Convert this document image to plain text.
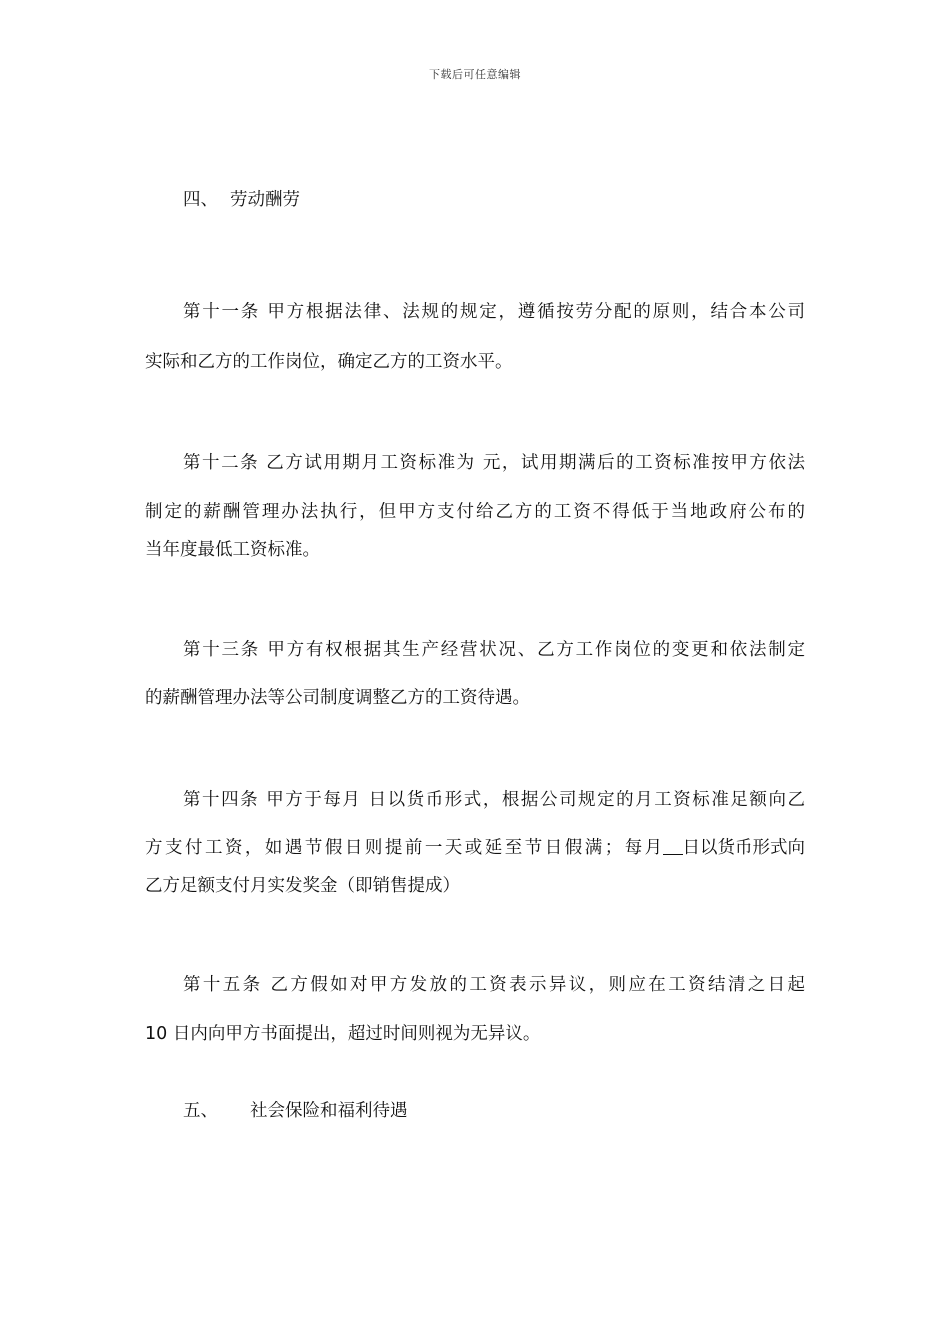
下载后可任意编辑
四、 劳动酬劳
第十一条 甲方根据法律、法规的规定，遵循按劳分配的原则，结合本公司
实际和乙方的工作岗位，确定乙方的工资水平。
第十二条 乙方试用期月工资标准为 元，试用期满后的工资标准按甲方依法
制定的薪酬管理办法执行，但甲方支付给乙方的工资不得低于当地政府公布的
当年度最低工资标准。
第十三条 甲方有权根据其生产经营状况、乙方工作岗位的变更和依法制定
的薪酬管理办法等公司制度调整乙方的工资待遇。
第十四条 甲方于每月 日以货币形式，根据公司规定的月工资标准足额向乙
方支付工资，如遇节假日则提前一天或延至节日假满；每月 日以货币形式向
乙方足额支付月实发奖金（即销售提成）
第十五条 乙方假如对甲方发放的工资表示异议，则应在工资结清之日起
10 日内向甲方书面提出，超过时间则视为无异议。
五、 社会保险和福利待遇
